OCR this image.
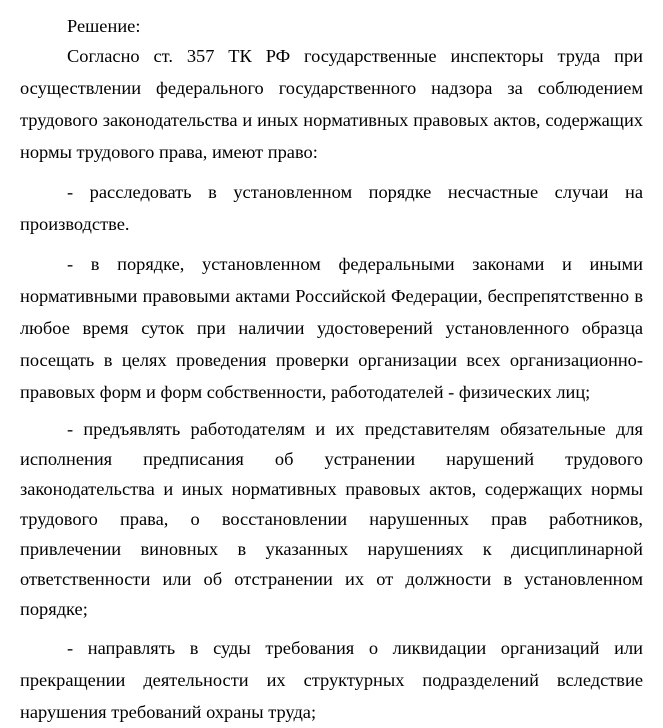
Решение:

Согласно ст. 357 ТК РФ государственные инспекторы труда при осуществлении федерального государственного надзора за соблюдением трудового законодательства и иных нормативных правовых актов, содержащих нормы трудового права, имеют право:

- расследовать в установленном порядке несчастные случаи на производстве.

- в порядке, установленном федеральными законами и иными нормативными правовыми актами Российской Федерации, беспрепятственно в любое время суток при наличии удостоверений установленного образца посещать в целях проведения проверки организации всех организационно-правовых форм и форм собственности, работодателей - физических лиц;

- предъявлять работодателям и их представителям обязательные для исполнения предписания об устранении нарушений трудового законодательства и иных нормативных правовых актов, содержащих нормы трудового права, о восстановлении нарушенных прав работников, привлечении виновных в указанных нарушениях к дисциплинарной ответственности или об отстранении их от должности в установленном порядке;

- направлять в суды требования о ликвидации организаций или прекращении деятельности их структурных подразделений вследствие нарушения требований охраны труда;
